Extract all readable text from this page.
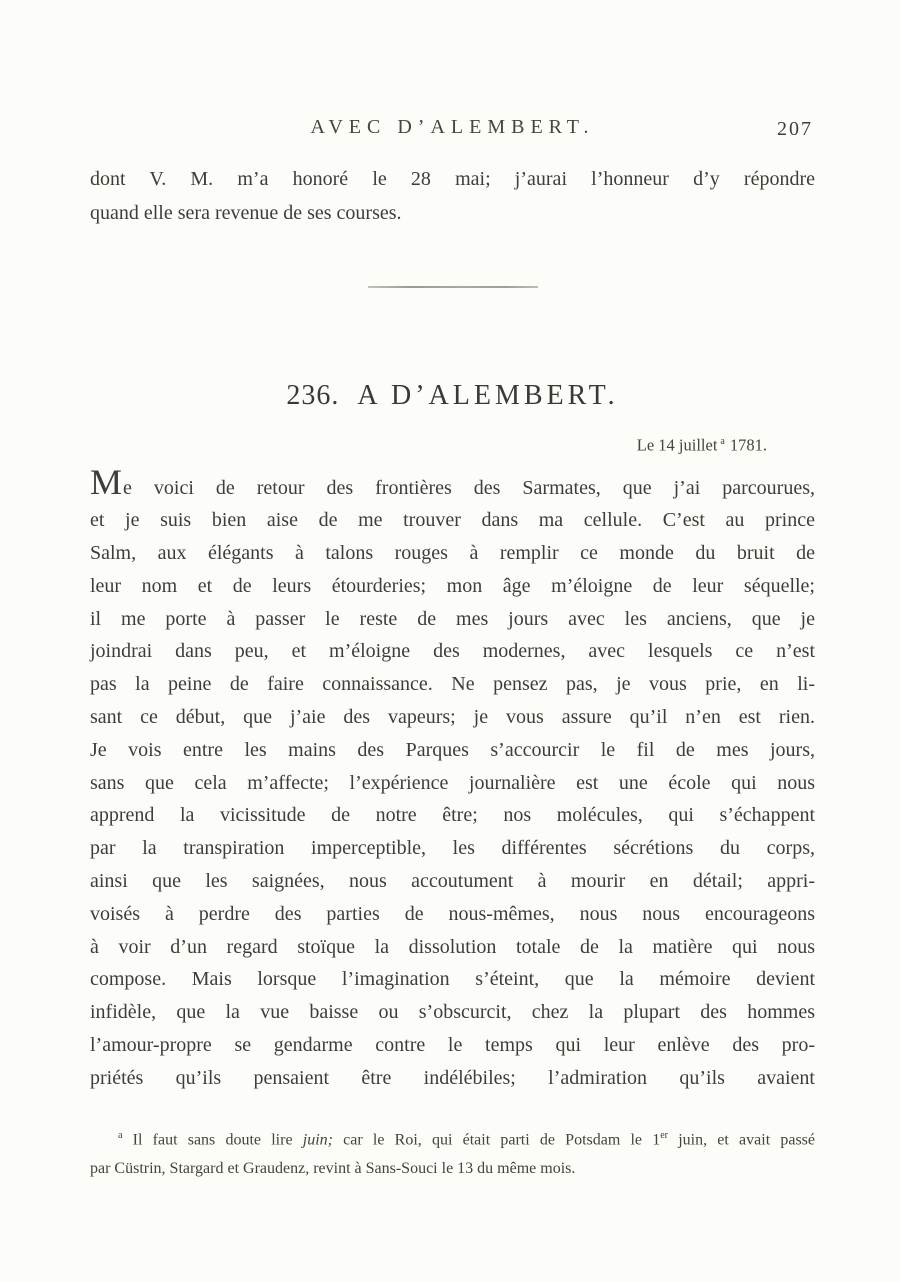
AVEC D’ALEMBERT.	207
dont V. M. m’a honoré le 28 mai; j’aurai l’honneur d’y répondre
quand elle sera revenue de ses courses.
236. A D’ALEMBERT.
Le 14 juillet $^a$ 1781.
Me voici de retour des frontières des Sarmates, que j’ai parcourues,
et je suis bien aise de me trouver dans ma cellule. C’est au prince
Salm, aux élégants à talons rouges à remplir ce monde du bruit de
leur nom et de leurs étourderies; mon âge m’éloigne de leur séquelle;
il me porte à passer le reste de mes jours avec les anciens, que je
joindrai dans peu, et m’éloigne des modernes, avec lesquels ce n’est
pas la peine de faire connaissance. Ne pensez pas, je vous prie, en li-
sant ce début, que j’aie des vapeurs; je vous assure qu’il n’en est rien.
Je vois entre les mains des Parques s’accourcir le fil de mes jours,
sans que cela m’affecte; l’expérience journalière est une école qui nous
apprend la vicissitude de notre être; nos molécules, qui s’échappent
par la transpiration imperceptible, les différentes sécrétions du corps,
ainsi que les saignées, nous accoutument à mourir en détail; appri-
voisés à perdre des parties de nous-mêmes, nous nous encourageons
à voir d’un regard stoïque la dissolution totale de la matière qui nous
compose. Mais lorsque l’imagination s’éteint, que la mémoire devient
infidèle, que la vue baisse ou s’obscurcit, chez la plupart des hommes
l’amour-propre se gendarme contre le temps qui leur enlève des pro-
priétés qu’ils pensaient être indélébiles; l’admiration qu’ils avaient
$^a$ Il faut sans doute lire juin; car le Roi, qui était parti de Potsdam le 1er juin, et avait passé
par Cüstrin, Stargard et Graudenz, revint à Sans-Souci le 13 du même mois.
